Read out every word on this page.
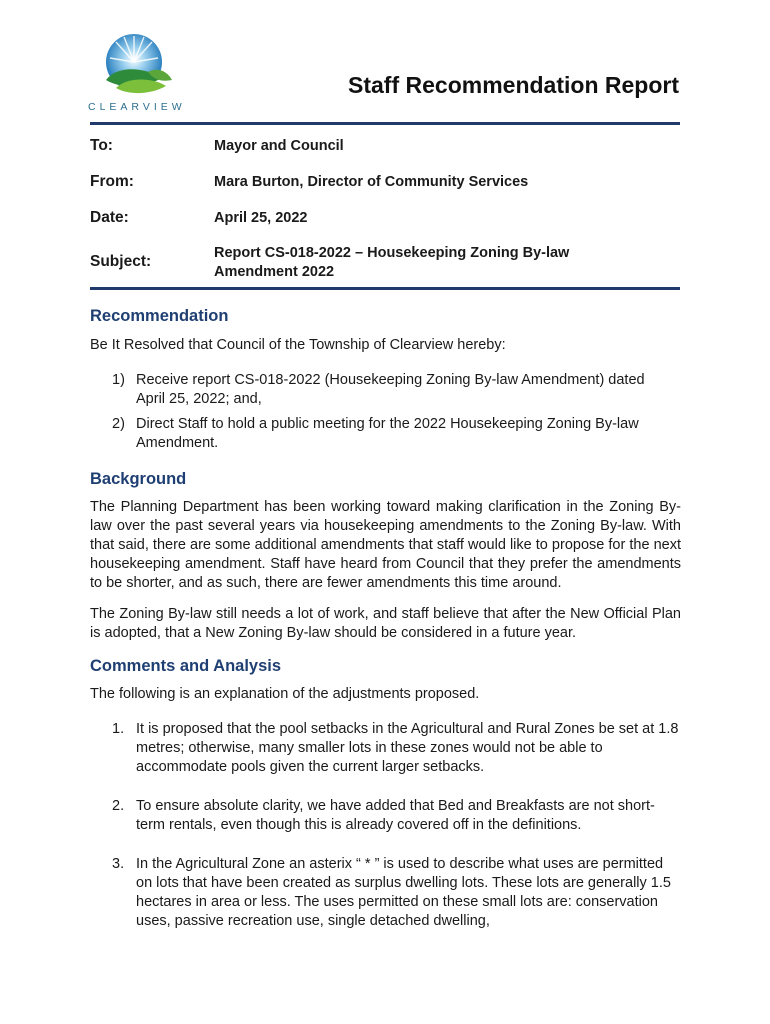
CLEARVIEW
Staff Recommendation Report
To:	Mayor and Council
From:	Mara Burton, Director of Community Services
Date:	April 25, 2022
Subject:	Report CS-018-2022 – Housekeeping Zoning By-law
Amendment 2022
Recommendation
Be It Resolved that Council of the Township of Clearview hereby:
1) Receive report CS-018-2022 (Housekeeping Zoning By-law Amendment) dated
April 25, 2022; and,
2) Direct Staff to hold a public meeting for the 2022 Housekeeping Zoning By-law
Amendment.
Background
The Planning Department has been working toward making clarification in the Zoning By-law over the past several years via housekeeping amendments to the Zoning By-law. With that said, there are some additional amendments that staff would like to propose for the next housekeeping amendment. Staff have heard from Council that they prefer the amendments to be shorter, and as such, there are fewer amendments this time around.
The Zoning By-law still needs a lot of work, and staff believe that after the New Official Plan is adopted, that a New Zoning By-law should be considered in a future year.
Comments and Analysis
The following is an explanation of the adjustments proposed.
1. It is proposed that the pool setbacks in the Agricultural and Rural Zones be set at 1.8 metres; otherwise, many smaller lots in these zones would not be able to accommodate pools given the current larger setbacks.
2. To ensure absolute clarity, we have added that Bed and Breakfasts are not short-term rentals, even though this is already covered off in the definitions.
3. In the Agricultural Zone an asterix “ * ” is used to describe what uses are permitted on lots that have been created as surplus dwelling lots. These lots are generally 1.5 hectares in area or less. The uses permitted on these small lots are: conservation uses, passive recreation use, single detached dwelling,
